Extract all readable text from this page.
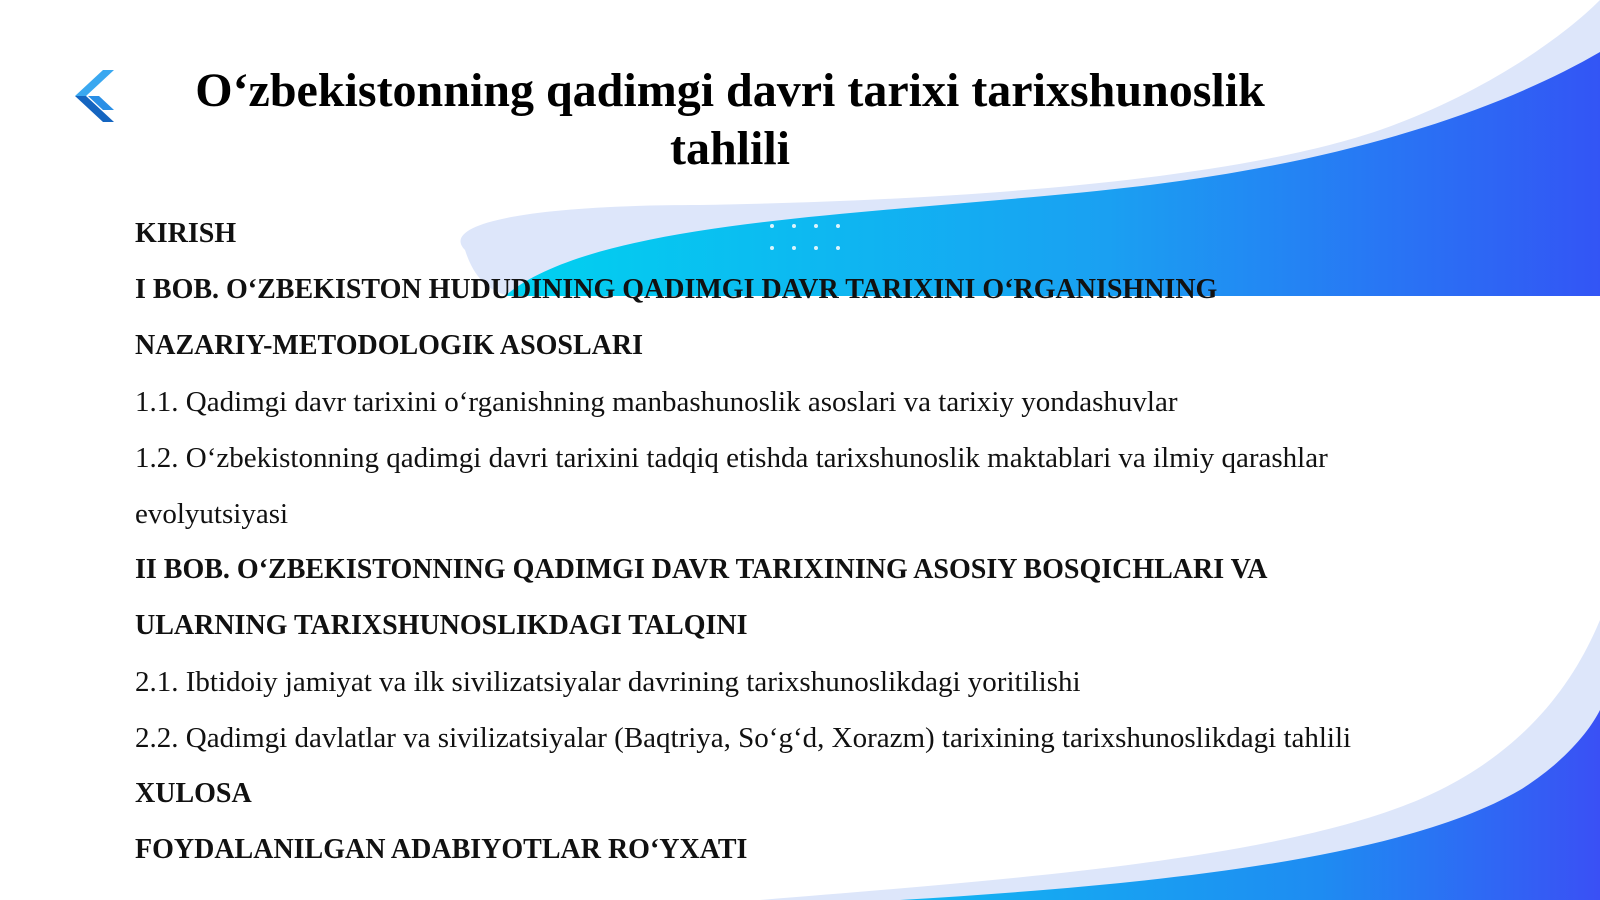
O‘zbekistonning qadimgi davri tarixi tarixshunoslik
tahlili
KIRISH
I BOB. O‘ZBEKISTON HUDUDINING QADIMGI DAVR TARIXINI O‘RGANISHNING
NAZARIY-METODOLOGIK ASOSLARI
1.1. Qadimgi davr tarixini o‘rganishning manbashunoslik asoslari va tarixiy yondashuvlar
1.2. O‘zbekistonning qadimgi davri tarixini tadqiq etishda tarixshunoslik maktablari va ilmiy qarashlar
evolyutsiyasi
II BOB. O‘ZBEKISTONNING QADIMGI DAVR TARIXINING ASOSIY BOSQICHLARI VA
ULARNING TARIXSHUNOSLIKDAGI TALQINI
2.1. Ibtidoiy jamiyat va ilk sivilizatsiyalar davrining tarixshunoslikdagi yoritilishi
2.2. Qadimgi davlatlar va sivilizatsiyalar (Baqtriya, So‘g‘d, Xorazm) tarixining tarixshunoslikdagi tahlili
XULOSA
FOYDALANILGAN ADABIYOTLAR RO‘YXATI
